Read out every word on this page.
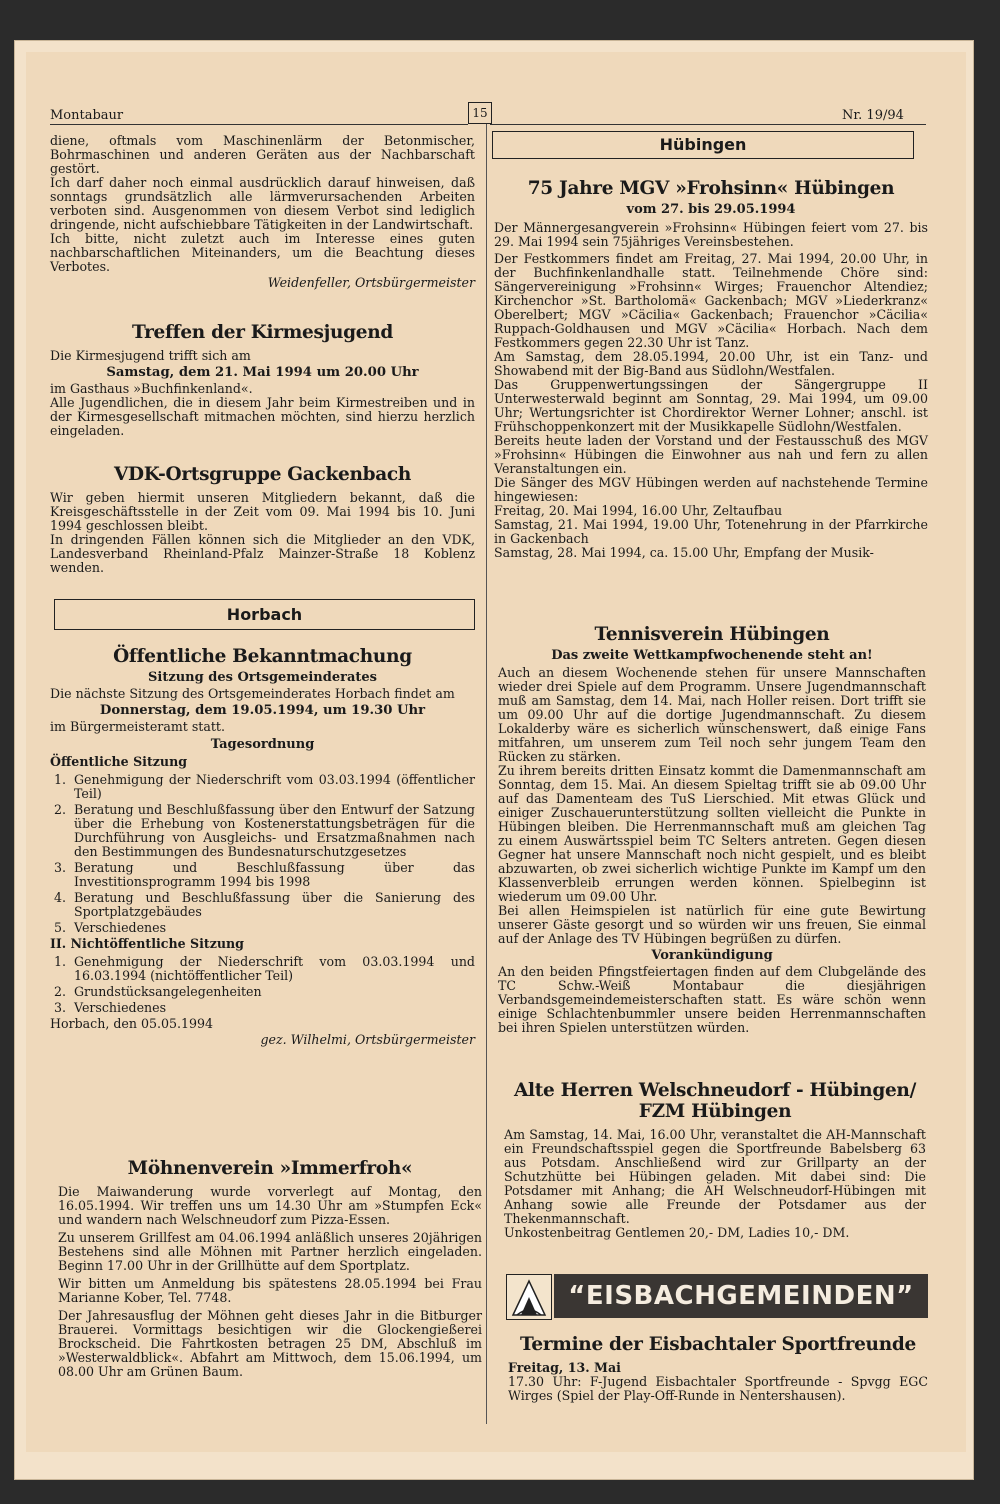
Montabaur	15	Nr. 19/94

diene, oftmals vom Maschinenlärm der Betonmischer, Bohrmaschinen und anderen Geräten aus der Nachbarschaft gestört.

Ich darf daher noch einmal ausdrücklich darauf hinweisen, daß sonntags grundsätzlich alle lärmverursachenden Arbeiten verboten sind. Ausgenommen von diesem Verbot sind lediglich dringende, nicht aufschiebbare Tätigkeiten in der Landwirtschaft.

Ich bitte, nicht zuletzt auch im Interesse eines guten nachbarschaftlichen Miteinanders, um die Beachtung dieses Verbotes.

Weidenfeller, Ortsbürgermeister

Treffen der Kirmesjugend

Die Kirmesjugend trifft sich am

Samstag, dem 21. Mai 1994 um 20.00 Uhr

im Gasthaus »Buchfinkenland«.

Alle Jugendlichen, die in diesem Jahr beim Kirmestreiben und in der Kirmesgesellschaft mitmachen möchten, sind hierzu herzlich eingeladen.

VDK-Ortsgruppe Gackenbach

Wir geben hiermit unseren Mitgliedern bekannt, daß die Kreisgeschäftsstelle in der Zeit vom 09. Mai 1994 bis 10. Juni 1994 geschlossen bleibt.

In dringenden Fällen können sich die Mitglieder an den VDK, Landesverband Rheinland-Pfalz Mainzer-Straße 18 Koblenz wenden.

Horbach
Öffentliche Bekanntmachung

Sitzung des Ortsgemeinderates

Die nächste Sitzung des Ortsgemeinderates Horbach findet am

Donnerstag, dem 19.05.1994, um 19.30 Uhr

im Bürgermeisteramt statt.

Tagesordnung

Öffentliche Sitzung

1. Genehmigung der Niederschrift vom 03.03.1994 (öffentlicher Teil)
2. Beratung und Beschlußfassung über den Entwurf der Satzung über die Erhebung von Kostenerstattungsbeträgen für die Durchführung von Ausgleichs- und Ersatzmaßnahmen nach den Bestimmungen des Bundesnaturschutzgesetzes
3. Beratung und Beschlußfassung über das Investitionsprogramm 1994 bis 1998
4. Beratung und Beschlußfassung über die Sanierung des Sportplatzgebäudes
5. Verschiedenes

II. Nichtöffentliche Sitzung

1. Genehmigung der Niederschrift vom 03.03.1994 und 16.03.1994 (nichtöffentlicher Teil)
2. Grundstücksangelegenheiten
3. Verschiedenes

Horbach, den 05.05.1994

gez. Wilhelmi, Ortsbürgermeister

Möhnenverein »Immerfroh«

Die Maiwanderung wurde vorverlegt auf Montag, den 16.05.1994. Wir treffen uns um 14.30 Uhr am »Stumpfen Eck« und wandern nach Welschneudorf zum Pizza-Essen.

Zu unserem Grillfest am 04.06.1994 anläßlich unseres 20jährigen Bestehens sind alle Möhnen mit Partner herzlich eingeladen. Beginn 17.00 Uhr in der Grillhütte auf dem Sportplatz.

Wir bitten um Anmeldung bis spätestens 28.05.1994 bei Frau Marianne Kober, Tel. 7748.

Der Jahresausflug der Möhnen geht dieses Jahr in die Bitburger Brauerei. Vormittags besichtigen wir die Glockengießerei Brockscheid. Die Fahrtkosten betragen 25 DM, Abschluß im »Westerwaldblick«. Abfahrt am Mittwoch, dem 15.06.1994, um 08.00 Uhr am Grünen Baum.

Hübingen
75 Jahre MGV »Frohsinn« Hübingen

vom 27. bis 29.05.1994

Der Männergesangverein »Frohsinn« Hübingen feiert vom 27. bis 29. Mai 1994 sein 75jähriges Vereinsbestehen.

Der Festkommers findet am Freitag, 27. Mai 1994, 20.00 Uhr, in der Buchfinkenlandhalle statt. Teilnehmende Chöre sind: Sängervereinigung »Frohsinn« Wirges; Frauenchor Altendiez; Kirchenchor »St. Bartholomä« Gackenbach; MGV »Liederkranz« Oberelbert; MGV »Cäcilia« Gackenbach; Frauenchor »Cäcilia« Ruppach-Goldhausen und MGV »Cäcilia« Horbach. Nach dem Festkommers gegen 22.30 Uhr ist Tanz.

Am Samstag, dem 28.05.1994, 20.00 Uhr, ist ein Tanz- und Showabend mit der Big-Band aus Südlohn/Westfalen.

Das Gruppenwertungssingen der Sängergruppe II Unterwesterwald beginnt am Sonntag, 29. Mai 1994, um 09.00 Uhr; Wertungsrichter ist Chordirektor Werner Lohner; anschl. ist Frühschoppenkonzert mit der Musikkapelle Südlohn/Westfalen.

Bereits heute laden der Vorstand und der Festausschuß des MGV »Frohsinn« Hübingen die Einwohner aus nah und fern zu allen Veranstaltungen ein.

Die Sänger des MGV Hübingen werden auf nachstehende Termine hingewiesen:

Freitag, 20. Mai 1994, 16.00 Uhr, Zeltaufbau

Samstag, 21. Mai 1994, 19.00 Uhr, Totenehrung in der Pfarrkirche in Gackenbach

Samstag, 28. Mai 1994, ca. 15.00 Uhr, Empfang der Musik-

Tennisverein Hübingen

Das zweite Wettkampfwochenende steht an!

Auch an diesem Wochenende stehen für unsere Mannschaften wieder drei Spiele auf dem Programm. Unsere Jugendmannschaft muß am Samstag, dem 14. Mai, nach Holler reisen. Dort trifft sie um 09.00 Uhr auf die dortige Jugendmannschaft. Zu diesem Lokalderby wäre es sicherlich wünschenswert, daß einige Fans mitfahren, um unserem zum Teil noch sehr jungem Team den Rücken zu stärken.

Zu ihrem bereits dritten Einsatz kommt die Damenmannschaft am Sonntag, dem 15. Mai. An diesem Spieltag trifft sie ab 09.00 Uhr auf das Damenteam des TuS Lierschied. Mit etwas Glück und einiger Zuschauerunterstützung sollten vielleicht die Punkte in Hübingen bleiben. Die Herrenmannschaft muß am gleichen Tag zu einem Auswärtsspiel beim TC Selters antreten. Gegen diesen Gegner hat unsere Mannschaft noch nicht gespielt, und es bleibt abzuwarten, ob zwei sicherlich wichtige Punkte im Kampf um den Klassenverbleib errungen werden können. Spielbeginn ist wiederum um 09.00 Uhr.

Bei allen Heimspielen ist natürlich für eine gute Bewirtung unserer Gäste gesorgt und so würden wir uns freuen, Sie einmal auf der Anlage des TV Hübingen begrüßen zu dürfen.

Vorankündigung

An den beiden Pfingstfeiertagen finden auf dem Clubgelände des TC Schw.-Weiß Montabaur die diesjährigen Verbandsgemeindemeisterschaften statt. Es wäre schön wenn einige Schlachtenbummler unsere beiden Herrenmannschaften bei ihren Spielen unterstützen würden.

Alte Herren Welschneudorf - Hübingen/
FZM Hübingen

Am Samstag, 14. Mai, 16.00 Uhr, veranstaltet die AH-Mannschaft ein Freundschaftsspiel gegen die Sportfreunde Babelsberg 63 aus Potsdam. Anschließend wird zur Grillparty an der Schutzhütte bei Hübingen geladen. Mit dabei sind: Die Potsdamer mit Anhang; die AH Welschneudorf-Hübingen mit Anhang sowie alle Freunde der Potsdamer aus der Thekenmannschaft.

Unkostenbeitrag Gentlemen 20,- DM, Ladies 10,- DM.

“EISBACHGEMEINDEN”
Termine der Eisbachtaler Sportfreunde

Freitag, 13. Mai

17.30 Uhr: F-Jugend Eisbachtaler Sportfreunde - Spvgg EGC Wirges (Spiel der Play-Off-Runde in Nentershausen).
